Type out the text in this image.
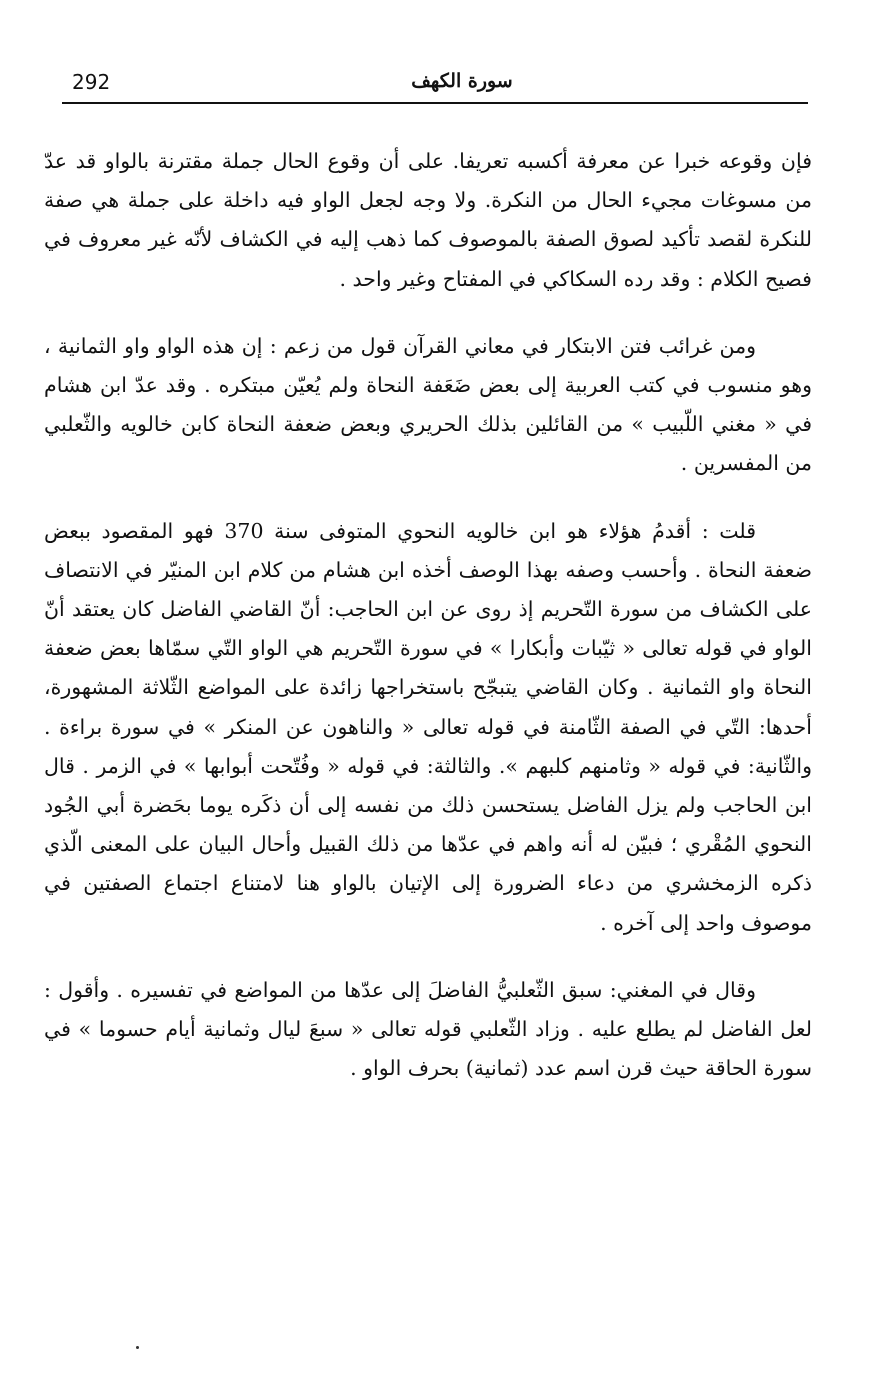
292	سورة الكهف

فإن وقوعه خبرا عن معرفة أكسبه تعريفا. على أن وقوع الحال جملة مقترنة بالواو قد عدّ من مسوغات مجيء الحال من النكرة. ولا وجه لجعل الواو فيه داخلة على جملة هي صفة للنكرة لقصد تأكيد لصوق الصفة بالموصوف كما ذهب إليه في الكشاف لأنّه غير معروف في فصيح الكلام : وقد رده السكاكي في المفتاح وغير واحد .

ومن غرائب فتن الابتكار في معاني القرآن قول من زعم : إن هذه الواو واو الثمانية ، وهو منسوب في كتب العربية إلى بعض ضَعَفة النحاة ولم يُعيّن مبتكره . وقد عدّ ابن هشام في « مغني اللّبيب » من القائلين بذلك الحريري وبعض ضعفة النحاة كابن خالويه والثّعلبي من المفسرين .

قلت : أقدمُ هؤلاء هو ابن خالويه النحوي المتوفى سنة 370 فهو المقصود ببعض ضعفة النحاة . وأحسب وصفه بهذا الوصف أخذه ابن هشام من كلام ابن المنيّر في الانتصاف على الكشاف من سورة التّحريم إذ روى عن ابن الحاجب: أنّ القاضي الفاضل كان يعتقد أنّ الواو في قوله تعالى « ثيّبات وأبكارا » في سورة التّحريم هي الواو التّي سمّاها بعض ضعفة النحاة واو الثمانية . وكان القاضي يتبجّح باستخراجها زائدة على المواضع الثّلاثة المشهورة، أحدها: التّي في الصفة الثّامنة في قوله تعالى « والناهون عن المنكر » في سورة براءة . والثّانية: في قوله « وثامنهم كلبهم ». والثالثة: في قوله « وفُتّحت أبوابها » في الزمر . قال ابن الحاجب ولم يزل الفاضل يستحسن ذلك من نفسه إلى أن ذكَره يوما بحَضرة أبي الجُود النحوي المُقْري ؛ فبيّن له أنه واهم في عدّها من ذلك القبيل وأحال البيان على المعنى الّذي ذكره الزمخشري من دعاء الضرورة إلى الإتيان بالواو هنا لامتناع اجتماع الصفتين في موصوف واحد إلى آخره .

وقال في المغني: سبق الثّعلبيُّ الفاضلَ إلى عدّها من المواضع في تفسيره . وأقول : لعل الفاضل لم يطلع عليه . وزاد الثّعلبي قوله تعالى « سبعَ ليال وثمانية أيام حسوما » في سورة الحاقة حيث قرن اسم عدد (ثمانية) بحرف الواو .
